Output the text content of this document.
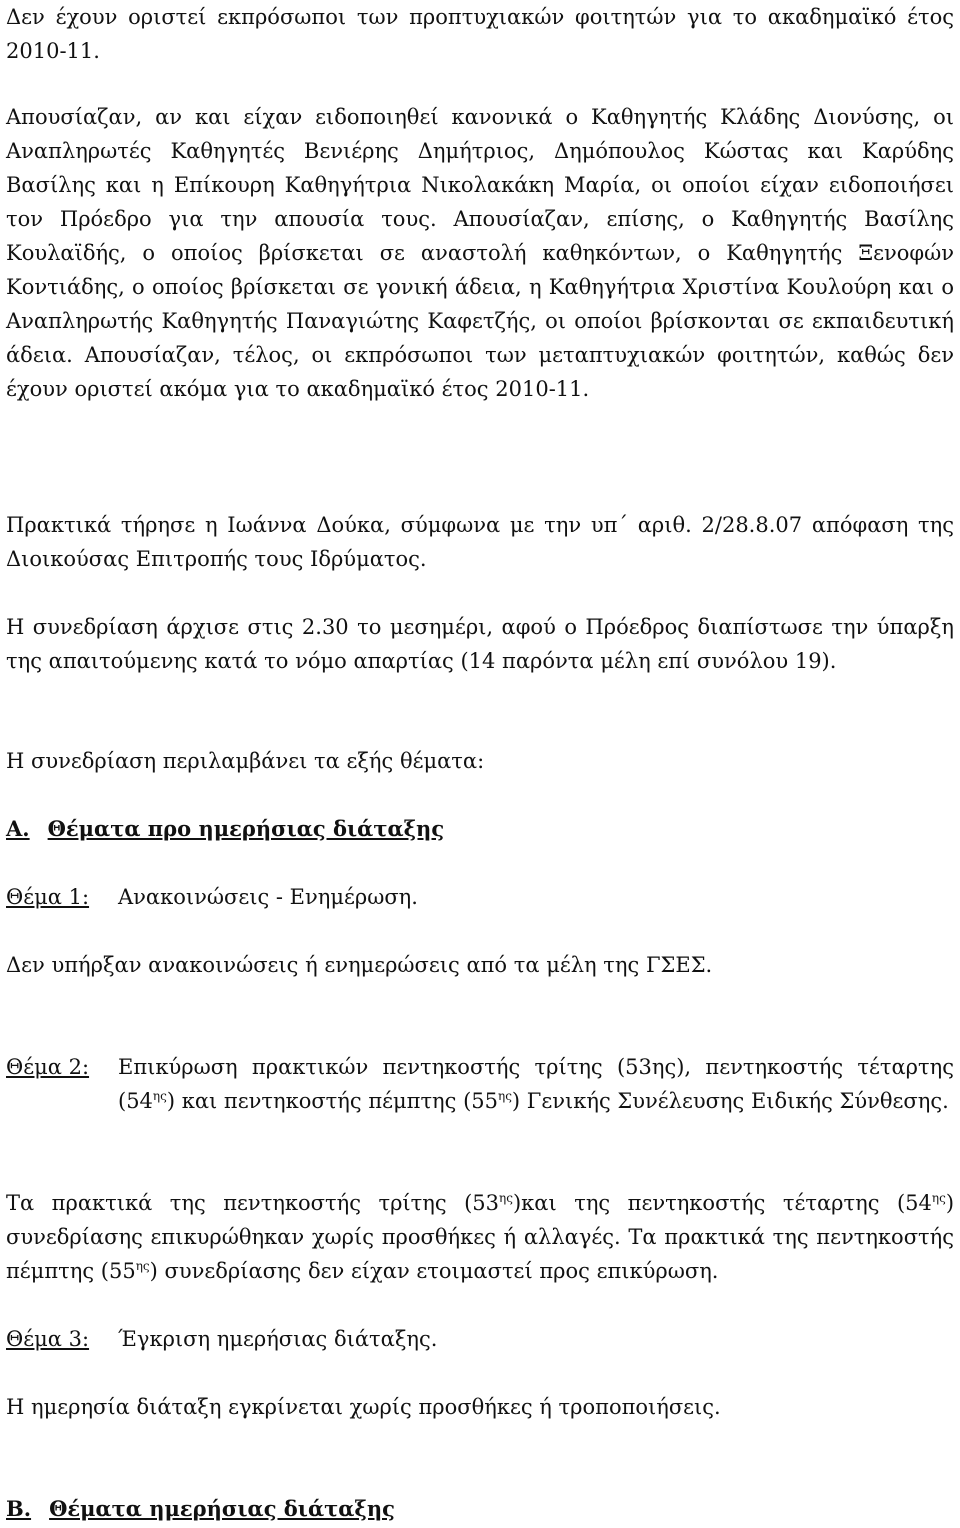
Δεν έχουν οριστεί εκπρόσωποι των προπτυχιακών φοιτητών για το ακαδημαϊκό έτος 2010-11.

Απουσίαζαν, αν και είχαν ειδοποιηθεί κανονικά ο Καθηγητής Κλάδης Διονύσης, οι Αναπληρωτές Καθηγητές Βενιέρης Δημήτριος, Δημόπουλος Κώστας και Καρύδης Βασίλης και η Επίκουρη Καθηγήτρια Νικολακάκη Μαρία, οι οποίοι είχαν ειδοποιήσει τον Πρόεδρο για την απουσία τους. Απουσίαζαν, επίσης, ο Καθηγητής Βασίλης Κουλαϊδής, ο οποίος βρίσκεται σε αναστολή καθηκόντων, ο Καθηγητής Ξενοφών Κοντιάδης, ο οποίος βρίσκεται σε γονική άδεια, η Καθηγήτρια Χριστίνα Κουλούρη και ο Αναπληρωτής Καθηγητής Παναγιώτης Καφετζής, οι οποίοι βρίσκονται σε εκπαιδευτική άδεια. Απουσίαζαν, τέλος, οι εκπρόσωποι των μεταπτυχιακών φοιτητών, καθώς δεν έχουν οριστεί ακόμα για το ακαδημαϊκό έτος 2010-11.

Πρακτικά τήρησε η Ιωάννα Δούκα, σύμφωνα με την υπ΄ αριθ. 2/28.8.07 απόφαση της Διοικούσας Επιτροπής τους Ιδρύματος.

Η συνεδρίαση άρχισε στις 2.30 το μεσημέρι, αφού ο Πρόεδρος διαπίστωσε την ύπαρξη της απαιτούμενης κατά το νόμο απαρτίας (14 παρόντα μέλη επί συνόλου 19).

Η συνεδρίαση περιλαμβάνει τα εξής θέματα:

Α. Θέματα προ ημερήσιας διάταξης
Θέμα 1:	Ανακοινώσεις - Ενημέρωση.

Δεν υπήρξαν ανακοινώσεις ή ενημερώσεις από τα μέλη της ΓΣΕΣ.

Θέμα 2:	Επικύρωση πρακτικών πεντηκοστής τρίτης (53ης), πεντηκοστής τέταρτης $(54^{\eta\varsigma})$ και πεντηκοστής πέμπτης $(55^{\eta\varsigma})$ Γενικής Συνέλευσης Ειδικής Σύνθεσης.

Τα πρακτικά της πεντηκοστής τρίτης $(53^{\eta\varsigma})\kappa\alpha\iota$ της πεντηκοστής τέταρτης $(54^{\eta\varsigma})$ συνεδρίασης επικυρώθηκαν χωρίς προσθήκες ή αλλαγές. Τα πρακτικά της πεντηκοστής πέμπτης $(55^{\eta\varsigma})$ συνεδρίασης δεν είχαν ετοιμαστεί προς επικύρωση.

Θέμα 3:	Έγκριση ημερήσιας διάταξης.

Η ημερησία διάταξη εγκρίνεται χωρίς προσθήκες ή τροποποιήσεις.

Β. Θέματα ημερήσιας διάταξης
